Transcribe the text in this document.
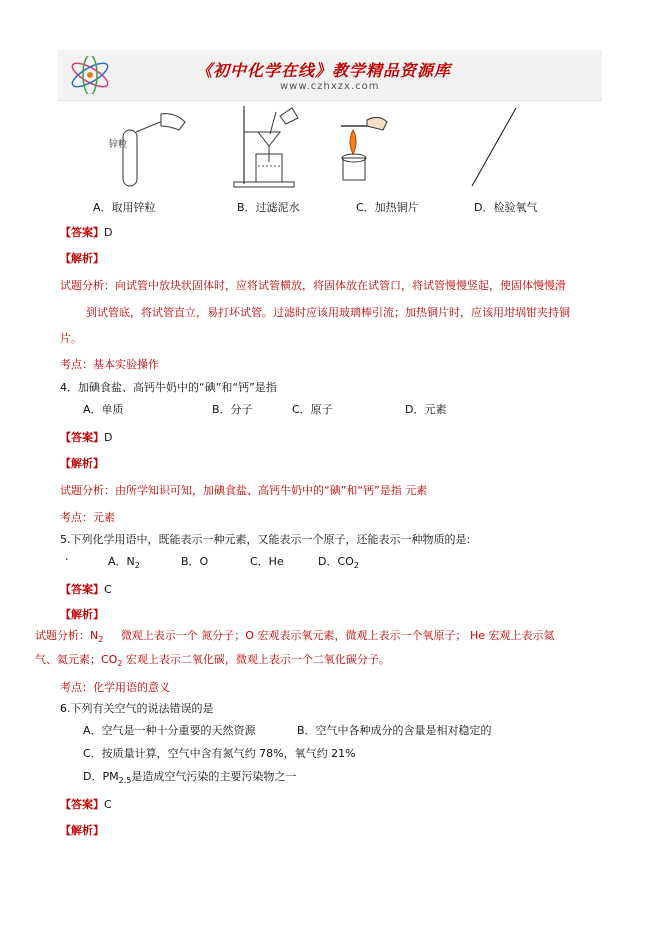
《初中化学在线》教学精品资源库
www.czhxzx.com
锌粒
A．取用锌粒	B．过滤泥水	C．加热铜片	D．检验氧气
【答案】D
【解析】
试题分析：向试管中放块状固体时，应将试管横放，将固体放在试管口，将试管慢慢竖起，使固体慢慢滑
到试管底，将试管直立，易打坏试管。过滤时应该用玻璃棒引流；加热铜片时，应该用坩埚钳夹持铜
片。
考点：基本实验操作
4．加碘食盐、高钙牛奶中的“碘”和“钙”是指
A．单质	B．分子	C．原子	D．元素
【答案】D
【解析】
试题分析：由所学知识可知，加碘食盐、高钙牛奶中的“碘”和“钙”是指 元素
考点：元素
5.下列化学用语中，既能表示一种元素，又能表示一个原子，还能表示一种物质的是:
·	A．$N_2$	B．O	C．He	D．$CO_2$
【答案】C
【解析】
试题分析：$N_2$ 微观上表示一个 氮分子；O 宏观表示氧元素，微观上表示一个氧原子； He 宏观上表示氦
气、氦元素；$CO_2$ 宏观上表示二氧化碳，微观上表示一个二氧化碳分子。
考点：化学用语的意义
6.下列有关空气的说法错误的是
A．空气是一种十分重要的天然资源	B．空气中各种成分的含量是相对稳定的
C．按质量计算，空气中含有氮气约 78%，氧气约 21%
D．$PM_{2.5}$是造成空气污染的主要污染物之一
【答案】C
【解析】
